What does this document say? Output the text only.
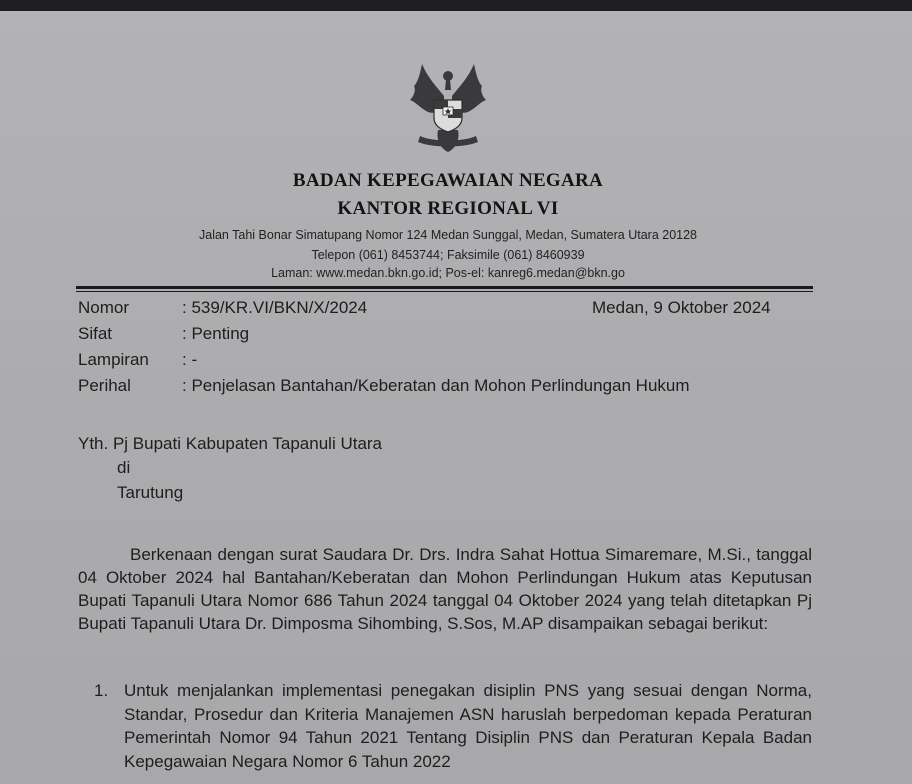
BADAN KEPEGAWAIAN NEGARA
KANTOR REGIONAL VI
Jalan Tahi Bonar Simatupang Nomor 124 Medan Sunggal, Medan, Sumatera Utara 20128
Telepon (061) 8453744; Faksimile (061) 8460939
Laman: www.medan.bkn.go.id; Pos-el: kanreg6.medan@bkn.go
Nomor	: 539/KR.VI/BKN/X/2024
Sifat	: Penting
Lampiran : -
Perihal	: Penjelasan Bantahan/Keberatan dan Mohon Perlindungan Hukum
Medan, 9 Oktober 2024
Yth. Pj Bupati Kabupaten Tapanuli Utara
di
Tarutung
Berkenaan dengan surat Saudara Dr. Drs. Indra Sahat Hottua Simaremare, M.Si., tanggal 04 Oktober 2024 hal Bantahan/Keberatan dan Mohon Perlindungan Hukum atas Keputusan Bupati Tapanuli Utara Nomor 686 Tahun 2024 tanggal 04 Oktober 2024 yang telah ditetapkan Pj Bupati Tapanuli Utara Dr. Dimposma Sihombing, S.Sos, M.AP disampaikan sebagai berikut:
1. Untuk menjalankan implementasi penegakan disiplin PNS yang sesuai dengan Norma, Standar, Prosedur dan Kriteria Manajemen ASN haruslah berpedoman kepada Peraturan Pemerintah Nomor 94 Tahun 2021 Tentang Disiplin PNS dan Peraturan Kepala Badan Kepegawaian Negara Nomor 6 Tahun 2022
